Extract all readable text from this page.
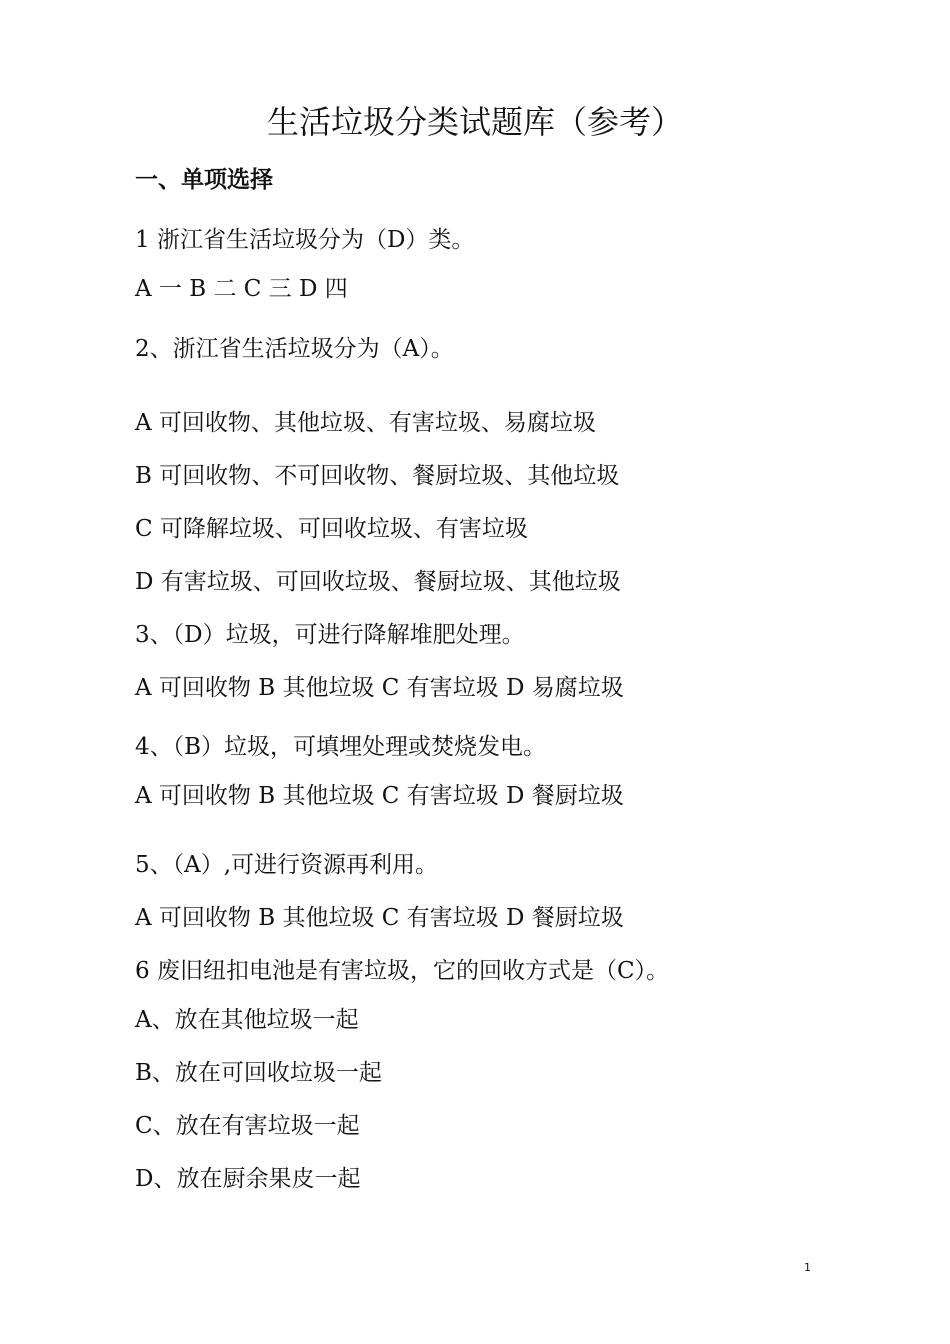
生活垃圾分类试题库（参考）
一、单项选择

1 浙江省生活垃圾分为（D）类。

A 一 B 二 C 三 D 四

2、浙江省生活垃圾分为（A）。

A 可回收物、其他垃圾、有害垃圾、易腐垃圾

B 可回收物、不可回收物、餐厨垃圾、其他垃圾

C 可降解垃圾、可回收垃圾、有害垃圾

D 有害垃圾、可回收垃圾、餐厨垃圾、其他垃圾

3、（D）垃圾，可进行降解堆肥处理。

A 可回收物 B 其他垃圾 C 有害垃圾 D 易腐垃圾

4、（B）垃圾，可填埋处理或焚烧发电。

A 可回收物 B 其他垃圾 C 有害垃圾 D 餐厨垃圾

5、（A）,可进行资源再利用。

A 可回收物 B 其他垃圾 C 有害垃圾 D 餐厨垃圾

6 废旧纽扣电池是有害垃圾，它的回收方式是（C）。

A、放在其他垃圾一起

B、放在可回收垃圾一起

C、放在有害垃圾一起

D、放在厨余果皮一起

1
